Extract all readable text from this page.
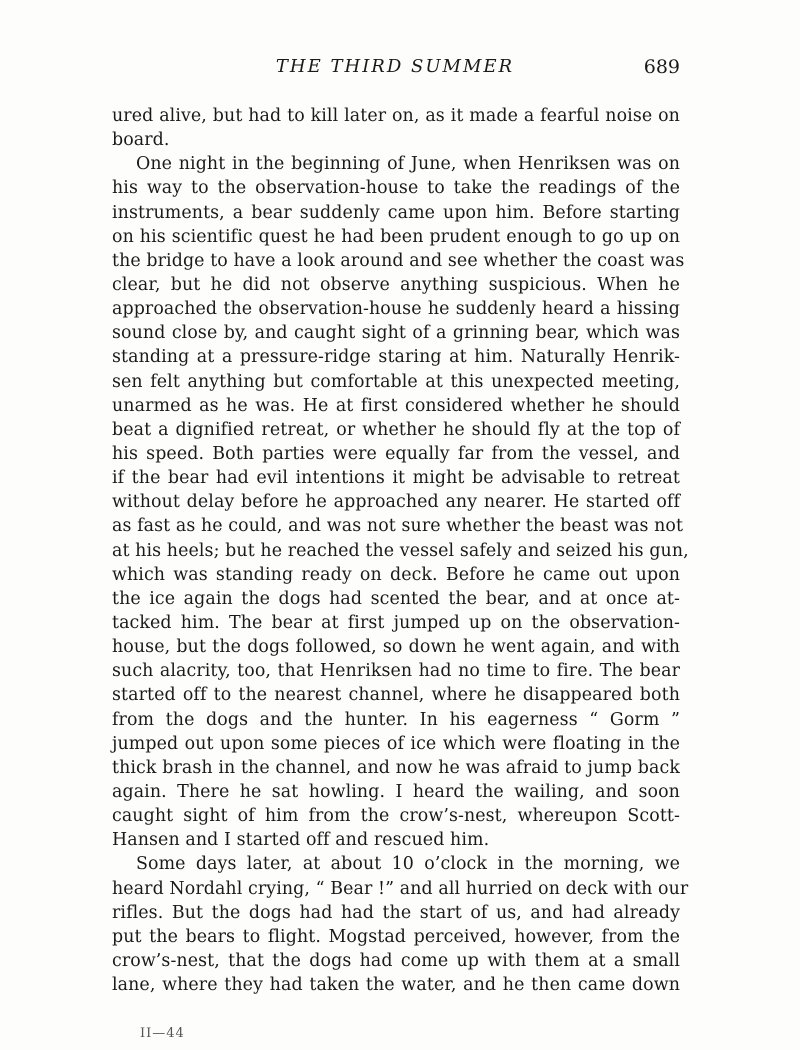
THE THIRD SUMMER	689
ured alive, but had to kill later on, as it made a fearful noise on
board.
One night in the beginning of June, when Henriksen was on
his way to the observation-house to take the readings of the
instruments, a bear suddenly came upon him. Before starting
on his scientific quest he had been prudent enough to go up on
the bridge to have a look around and see whether the coast was
clear, but he did not observe anything suspicious. When he
approached the observation-house he suddenly heard a hissing
sound close by, and caught sight of a grinning bear, which was
standing at a pressure-ridge staring at him. Naturally Henrik-
sen felt anything but comfortable at this unexpected meeting,
unarmed as he was. He at first considered whether he should
beat a dignified retreat, or whether he should fly at the top of
his speed. Both parties were equally far from the vessel, and
if the bear had evil intentions it might be advisable to retreat
without delay before he approached any nearer. He started off
as fast as he could, and was not sure whether the beast was not
at his heels; but he reached the vessel safely and seized his gun,
which was standing ready on deck. Before he came out upon
the ice again the dogs had scented the bear, and at once at-
tacked him. The bear at first jumped up on the observation-
house, but the dogs followed, so down he went again, and with
such alacrity, too, that Henriksen had no time to fire. The bear
started off to the nearest channel, where he disappeared both
from the dogs and the hunter. In his eagerness “ Gorm ”
jumped out upon some pieces of ice which were floating in the
thick brash in the channel, and now he was afraid to jump back
again. There he sat howling. I heard the wailing, and soon
caught sight of him from the crow’s-nest, whereupon Scott-
Hansen and I started off and rescued him.
Some days later, at about 10 o’clock in the morning, we
heard Nordahl crying, “ Bear !” and all hurried on deck with our
rifles. But the dogs had had the start of us, and had already
put the bears to flight. Mogstad perceived, however, from the
crow’s-nest, that the dogs had come up with them at a small
lane, where they had taken the water, and he then came down
II—44
